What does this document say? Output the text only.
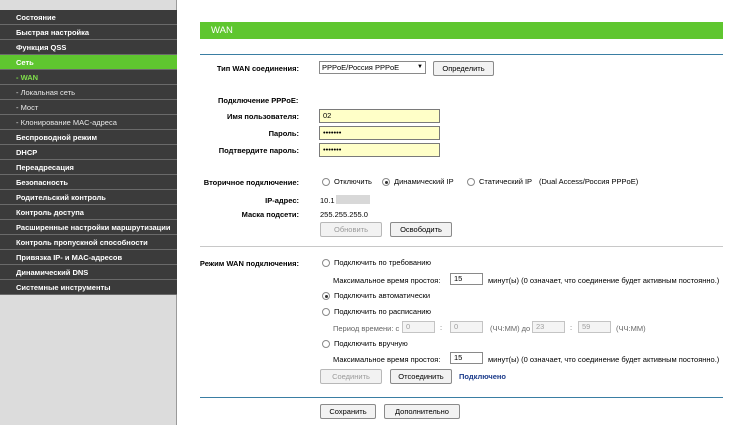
Состояние
Быстрая настройка
Функция QSS
Сеть
- WAN
- Локальная сеть
- Мост
- Клонирование MAC-адреса
Беспроводной режим
DHCP
Переадресация
Безопасность
Родительский контроль
Контроль доступа
Расширенные настройки маршрутизации
Контроль пропускной способности
Привязка IP- и MAC-адресов
Динамический DNS
Системные инструменты
WAN
Тип WAN соединения:	PPPoE/Россия PPPoE	▼	Определить
Подключение PPPoE:
Имя пользователя:	02
Пароль:	•••••••
Подтвердите пароль:	•••••••
Вторичное подключение:	Отключить	Динамический IP	Статический IP (Dual Access/Россия PPPoE)
IP-адрес:	10.1
Маска подсети:	255.255.255.0
Обновить	Освободить
Режим WAN подключения:	Подключить по требованию
Максимальное время простоя:	15	минут(ы) (0 означает, что соединение будет активным постоянно.)
Подключить автоматически
Подключить по расписанию
Период времени: с 0	:	0	(ЧЧ:ММ) до 23	:	59	(ЧЧ:ММ)
Подключить вручную
Максимальное время простоя:	15	минут(ы) (0 означает, что соединение будет активным постоянно.)
Соединить	Отсоединить	Подключено
Сохранить	Дополнительно
